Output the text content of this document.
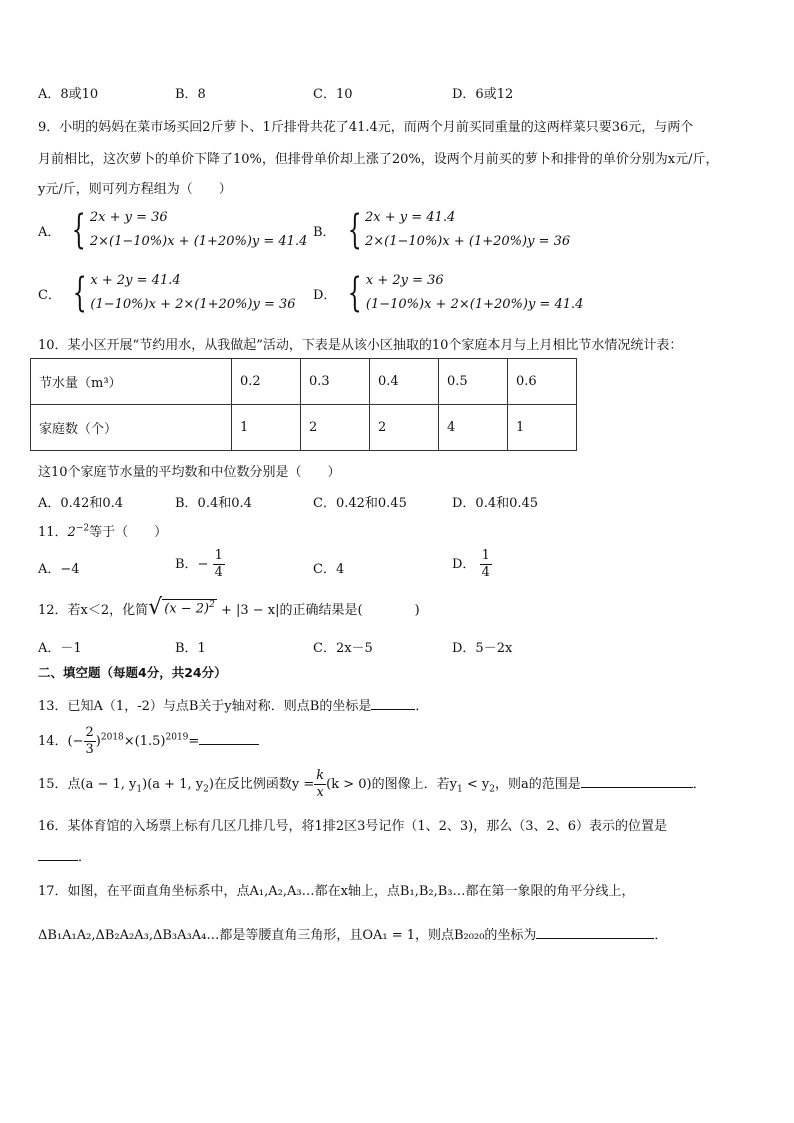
A．8或10	B．8	C．10	D．6或12
9．小明的妈妈在菜市场买回2斤萝卜、1斤排骨共花了41.4元，而两个月前买同重量的这两样菜只要36元，与两个
月前相比，这次萝卜的单价下降了10%，但排骨单价却上涨了20%，设两个月前买的萝卜和排骨的单价分别为x元/斤，
y元/斤，则可列方程组为（　　）
A． { 2x + y = 36
2×(1−10%)x + (1+20%)y = 41.4
B． { 2x + y = 41.4
2×(1−10%)x + (1+20%)y = 36
C． { x + 2y = 41.4
(1−10%)x + 2×(1+20%)y = 36
D． { x + 2y = 36
(1−10%)x + 2×(1+20%)y = 41.4
10．某小区开展“节约用水，从我做起”活动，下表是从该小区抽取的10个家庭本月与上月相比节水情况统计表：
节水量（m³）	0.2	0.3	0.4	0.5	0.6
家庭数（个）	1	2	2	4	1
这10个家庭节水量的平均数和中位数分别是（　　）
A．0.42和0.4	B．0.4和0.4	C．0.42和0.45	D．0.4和0.45
11．$2^{-2}$等于（　　）
A．−4	B．− $\frac{1}{4}$	C．4	D． $\frac{1}{4}$
12．若x＜2，化简 √ $(x - 2)^2 + |3 - x|$的正确结果是(　　　　)
A．－1	B．1	C．2x－5	D．5－2x
二、填空题（每题4分，共24分）
13．已知A（1，-2）与点B关于y轴对称．则点B的坐标是	．
14．(− $\frac{2}{3} )^{2018}\times(1.5)^{2019}=$
15．点(a − 1, $y_1)(a + 1$, $y_2$)在反比例函数$y = \frac{k}{x} (k > 0)$的图像上．若$y_1 < y_2$，则a的范围是	．
16．某体育馆的入场票上标有几区几排几号，将1排2区3号记作（1、2、3)，那么（3、2、6）表示的位置是
．
17．如图，在平面直角坐标系中，点A₁,A₂,A₃…都在x轴上，点B₁,B₂,B₃…都在第一象限的角平分线上，
ΔB₁A₁A₂,ΔB₂A₂A₃,ΔB₃A₃A₄…都是等腰直角三角形，且OA₁ = 1，则点B₂₀₂₀的坐标为	．
